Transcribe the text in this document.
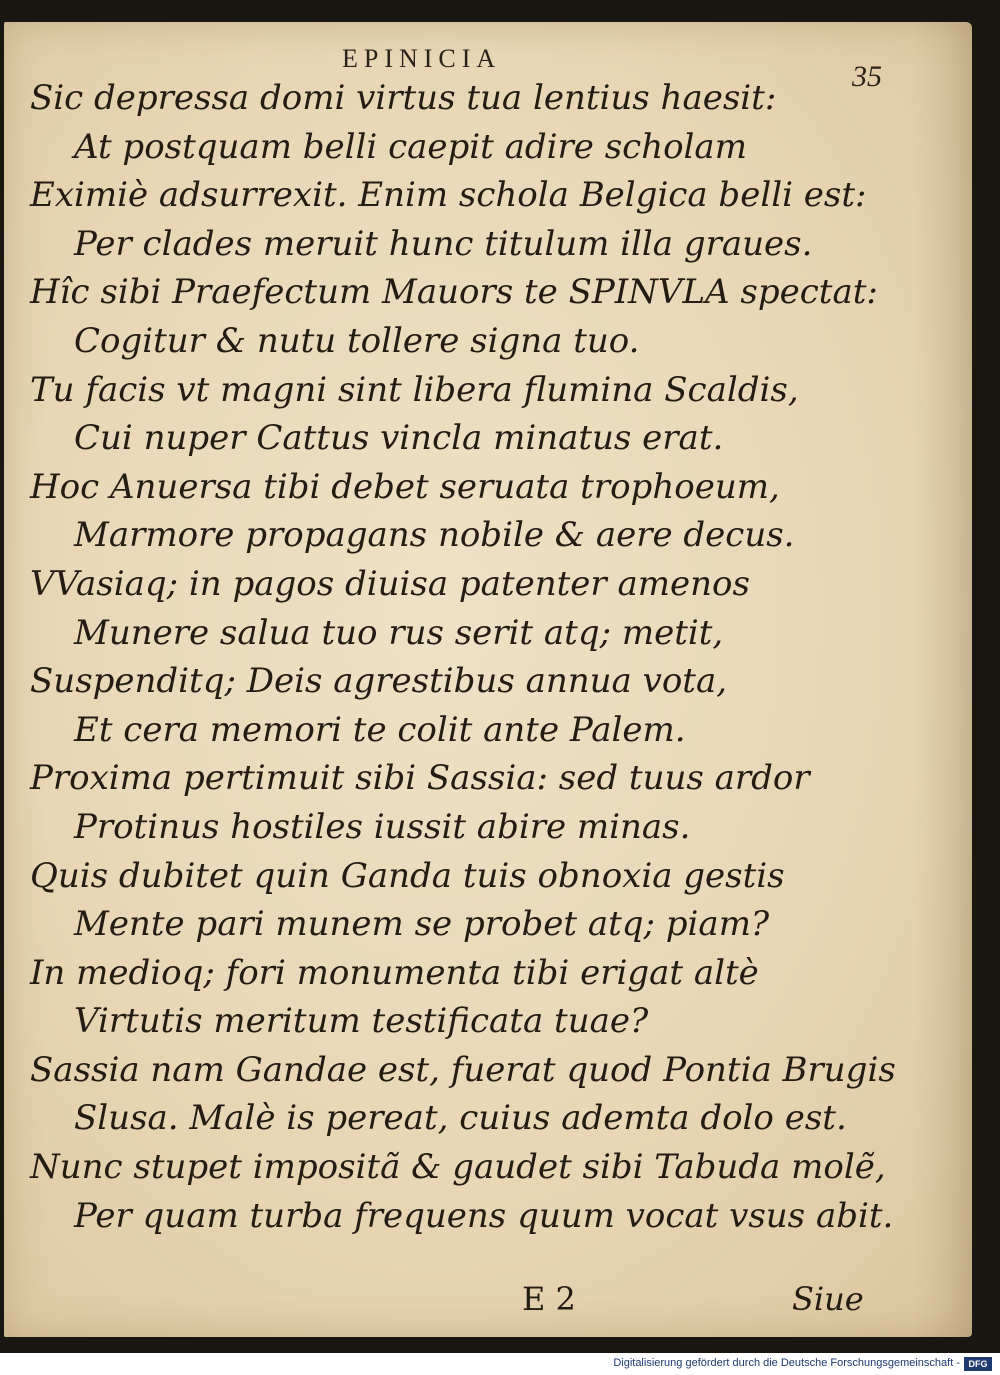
EPINICIA
35
Sic depressa domi virtus tua lentius haesit:
At postquam belli caepit adire scholam
Eximiè adsurrexit. Enim schola Belgica belli est:
Per clades meruit hunc titulum illa graues.
Hîc sibi Praefectum Mauors te SPINVLA spectat:
Cogitur & nutu tollere signa tuo.
Tu facis vt magni sint libera flumina Scaldis,
Cui nuper Cattus vincla minatus erat.
Hoc Anuersa tibi debet seruata trophoeum,
Marmore propagans nobile & aere decus.
VVasiaq; in pagos diuisa patenter amenos
Munere salua tuo rus serit atq; metit,
Suspenditq; Deis agrestibus annua vota,
Et cera memori te colit ante Palem.
Proxima pertimuit sibi Sassia: sed tuus ardor
Protinus hostiles iussit abire minas.
Quis dubitet quin Ganda tuis obnoxia gestis
Mente pari munem se probet atq; piam?
In medioq; fori monumenta tibi erigat altè
Virtutis meritum testificata tuae?
Sassia nam Gandae est, fuerat quod Pontia Brugis
Slusa. Malè is pereat, cuius ademta dolo est.
Nunc stupet impositã & gaudet sibi Tabuda molẽ,
Per quam turba frequens quum vocat vsus abit.
E 2	Siue
Digitalisierung gefördert durch die Deutsche Forschungsgemeinschaft - DFG
